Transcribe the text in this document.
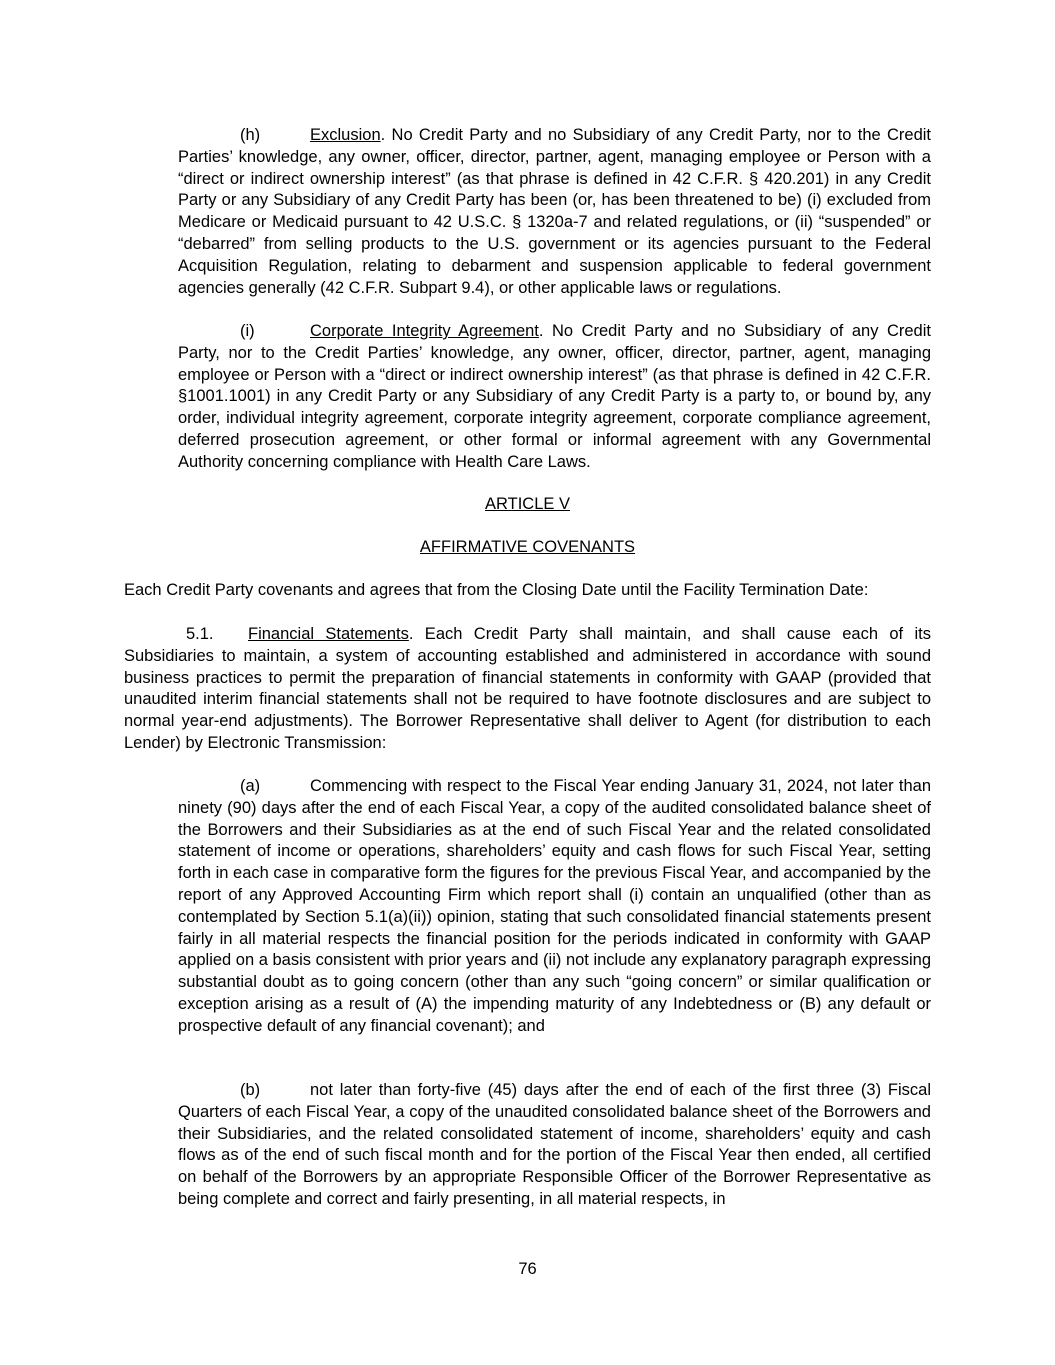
(h)	Exclusion. No Credit Party and no Subsidiary of any Credit Party, nor to the Credit Parties’ knowledge, any owner, officer, director, partner, agent, managing employee or Person with a “direct or indirect ownership interest” (as that phrase is defined in 42 C.F.R. § 420.201) in any Credit Party or any Subsidiary of any Credit Party has been (or, has been threatened to be) (i) excluded from Medicare or Medicaid pursuant to 42 U.S.C. § 1320a-7 and related regulations, or (ii) “suspended” or “debarred” from selling products to the U.S. government or its agencies pursuant to the Federal Acquisition Regulation, relating to debarment and suspension applicable to federal government agencies generally (42 C.F.R. Subpart 9.4), or other applicable laws or regulations.

(i)	Corporate Integrity Agreement. No Credit Party and no Subsidiary of any Credit Party, nor to the Credit Parties’ knowledge, any owner, officer, director, partner, agent, managing employee or Person with a “direct or indirect ownership interest” (as that phrase is defined in 42 C.F.R. §1001.1001) in any Credit Party or any Subsidiary of any Credit Party is a party to, or bound by, any order, individual integrity agreement, corporate integrity agreement, corporate compliance agreement, deferred prosecution agreement, or other formal or informal agreement with any Governmental Authority concerning compliance with Health Care Laws.

ARTICLE V

AFFIRMATIVE COVENANTS

Each Credit Party covenants and agrees that from the Closing Date until the Facility Termination Date:

5.1. Financial Statements. Each Credit Party shall maintain, and shall cause each of its Subsidiaries to maintain, a system of accounting established and administered in accordance with sound business practices to permit the preparation of financial statements in conformity with GAAP (provided that unaudited interim financial statements shall not be required to have footnote disclosures and are subject to normal year-end adjustments). The Borrower Representative shall deliver to Agent (for distribution to each Lender) by Electronic Transmission:

(a)	Commencing with respect to the Fiscal Year ending January 31, 2024, not later than ninety (90) days after the end of each Fiscal Year, a copy of the audited consolidated balance sheet of the Borrowers and their Subsidiaries as at the end of such Fiscal Year and the related consolidated statement of income or operations, shareholders’ equity and cash flows for such Fiscal Year, setting forth in each case in comparative form the figures for the previous Fiscal Year, and accompanied by the report of any Approved Accounting Firm which report shall (i) contain an unqualified (other than as contemplated by Section 5.1(a)(ii)) opinion, stating that such consolidated financial statements present fairly in all material respects the financial position for the periods indicated in conformity with GAAP applied on a basis consistent with prior years and (ii) not include any explanatory paragraph expressing substantial doubt as to going concern (other than any such “going concern” or similar qualification or exception arising as a result of (A) the impending maturity of any Indebtedness or (B) any default or prospective default of any financial covenant); and

(b)	not later than forty-five (45) days after the end of each of the first three (3) Fiscal Quarters of each Fiscal Year, a copy of the unaudited consolidated balance sheet of the Borrowers and their Subsidiaries, and the related consolidated statement of income, shareholders’ equity and cash flows as of the end of such fiscal month and for the portion of the Fiscal Year then ended, all certified on behalf of the Borrowers by an appropriate Responsible Officer of the Borrower Representative as being complete and correct and fairly presenting, in all material respects, in

76
